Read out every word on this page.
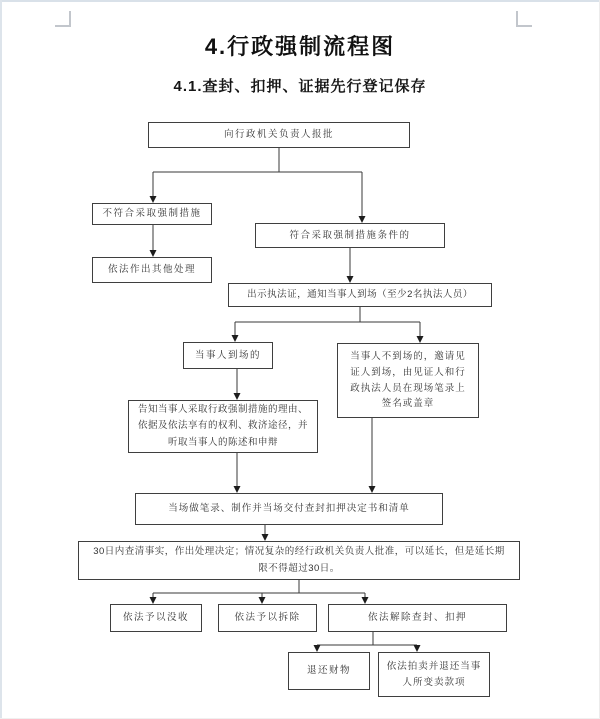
4.行政强制流程图
4.1.查封、扣押、证据先行登记保存
向行政机关负责人报批
不符合采取强制措施
依法作出其他处理
符合采取强制措施条件的
出示执法证，通知当事人到场（至少2名执法人员）
当事人到场的	当事人不到场的，邀请见证人到场，由见证人和行政执法人员在现场笔录上签名或盖章
告知当事人采取行政强制措施的理由、依据及依法享有的权利、救济途径，并听取当事人的陈述和申辩
当场做笔录、制作并当场交付查封扣押决定书和清单
30日内查清事实，作出处理决定；情况复杂的经行政机关负责人批准，可以延长，但是延长期限不得超过30日。
依法予以没收	依法予以拆除	依法解除查封、扣押
退还财物	依法拍卖并退还当事人所变卖款项
